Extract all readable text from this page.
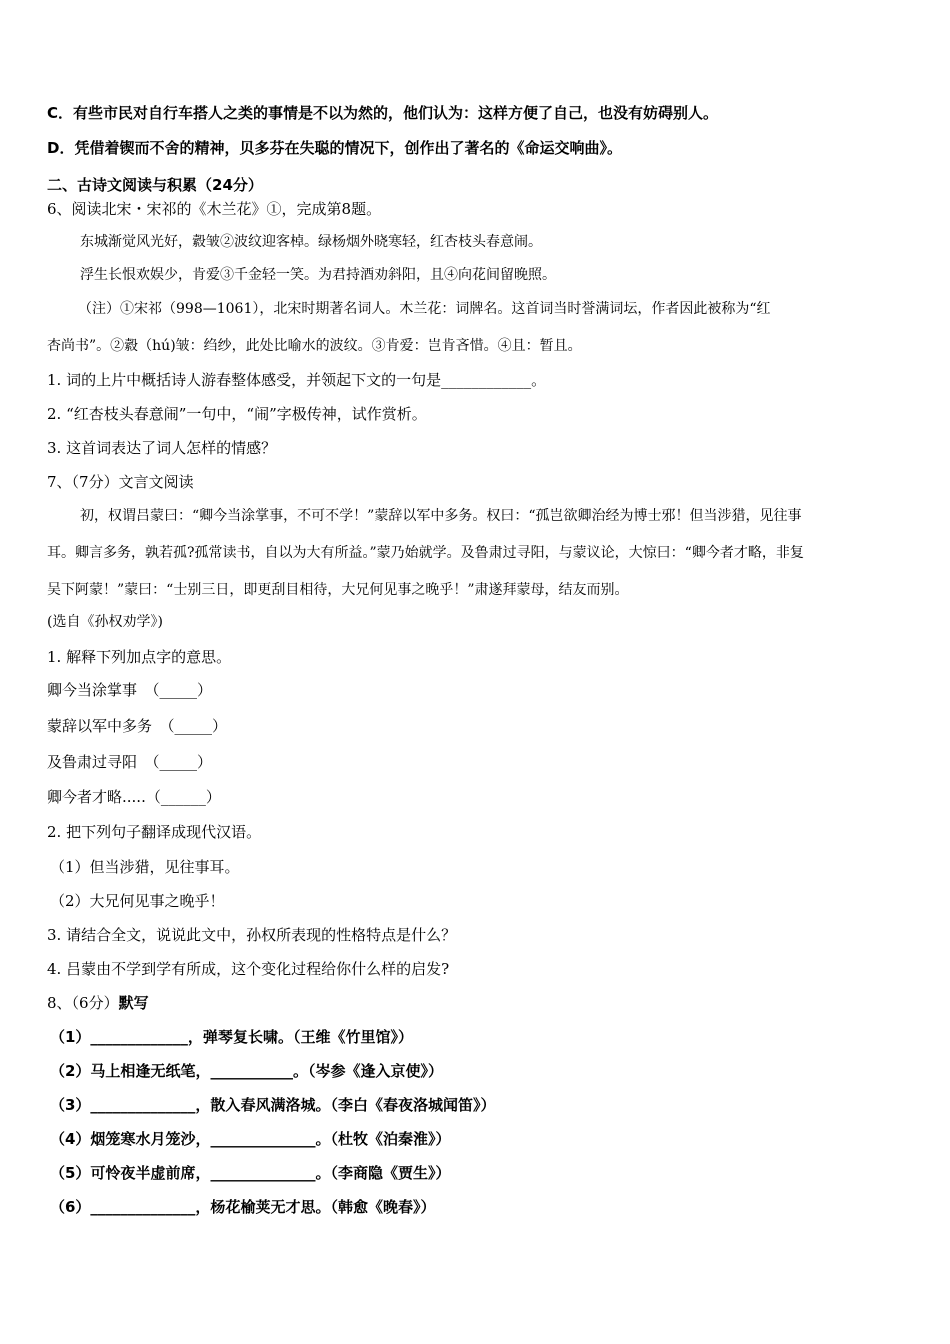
C．有些市民对自行车搭人之类的事情是不以为然的，他们认为：这样方便了自己，也没有妨碍别人。
D．凭借着锲而不舍的精神，贝多芬在失聪的情况下，创作出了著名的《命运交响曲》。
二、古诗文阅读与积累（24分）
6、阅读北宋・宋祁的《木兰花》①，完成第8题。
东城渐觉风光好，縠皱②波纹迎客棹。绿杨烟外晓寒轻，红杏枝头春意闹。
浮生长恨欢娱少，肯爱③千金轻一笑。为君持酒劝斜阳，且④向花间留晚照。
（注）①宋祁（998—1061），北宋时期著名词人。木兰花：词牌名。这首词当时誉满词坛，作者因此被称为“红
杏尚书”。②縠（hú)皱：绉纱，此处比喻水的波纹。③肯爱：岂肯吝惜。④且：暂且。
1. 词的上片中概括诗人游春整体感受，并领起下文的一句是____________。
2. “红杏枝头春意闹”一句中，“闹”字极传神，试作赏析。
3. 这首词表达了词人怎样的情感？
7、（7分）文言文阅读
初，权谓吕蒙曰：“卿今当涂掌事，不可不学！”蒙辞以军中多务。权曰：“孤岂欲卿治经为博士邪！但当涉猎，见往事
耳。卿言多务，孰若孤?孤常读书，自以为大有所益。”蒙乃始就学。及鲁肃过寻阳，与蒙议论，大惊曰：“卿今者才略，非复
吴下阿蒙！”蒙曰：“士别三日，即更刮目相待，大兄何见事之晚乎！”肃遂拜蒙母，结友而别。
(选自《孙权劝学》)
1. 解释下列加点字的意思。
卿今当涂掌事　（_____）
蒙辞以军中多务　（_____）
及鲁肃过寻阳　（_____）
卿今者才略.....（______）
2. 把下列句子翻译成现代汉语。
（1）但当涉猎，见往事耳。
（2）大兄何见事之晚乎！
3. 请结合全文，说说此文中，孙权所表现的性格特点是什么？
4. 吕蒙由不学到学有所成，这个变化过程给你什么样的启发?
8、（6分）默写
（1）_____________，弹琴复长啸。（王维《竹里馆》）
（2）马上相逢无纸笔，___________。（岑参《逢入京使》）
（3）______________，散入春风满洛城。（李白《春夜洛城闻笛》）
（4）烟笼寒水月笼沙，______________。（杜牧《泊秦淮》）
（5）可怜夜半虚前席，______________。（李商隐《贾生》）
（6）______________，杨花榆荚无才思。（韩愈《晚春》）
